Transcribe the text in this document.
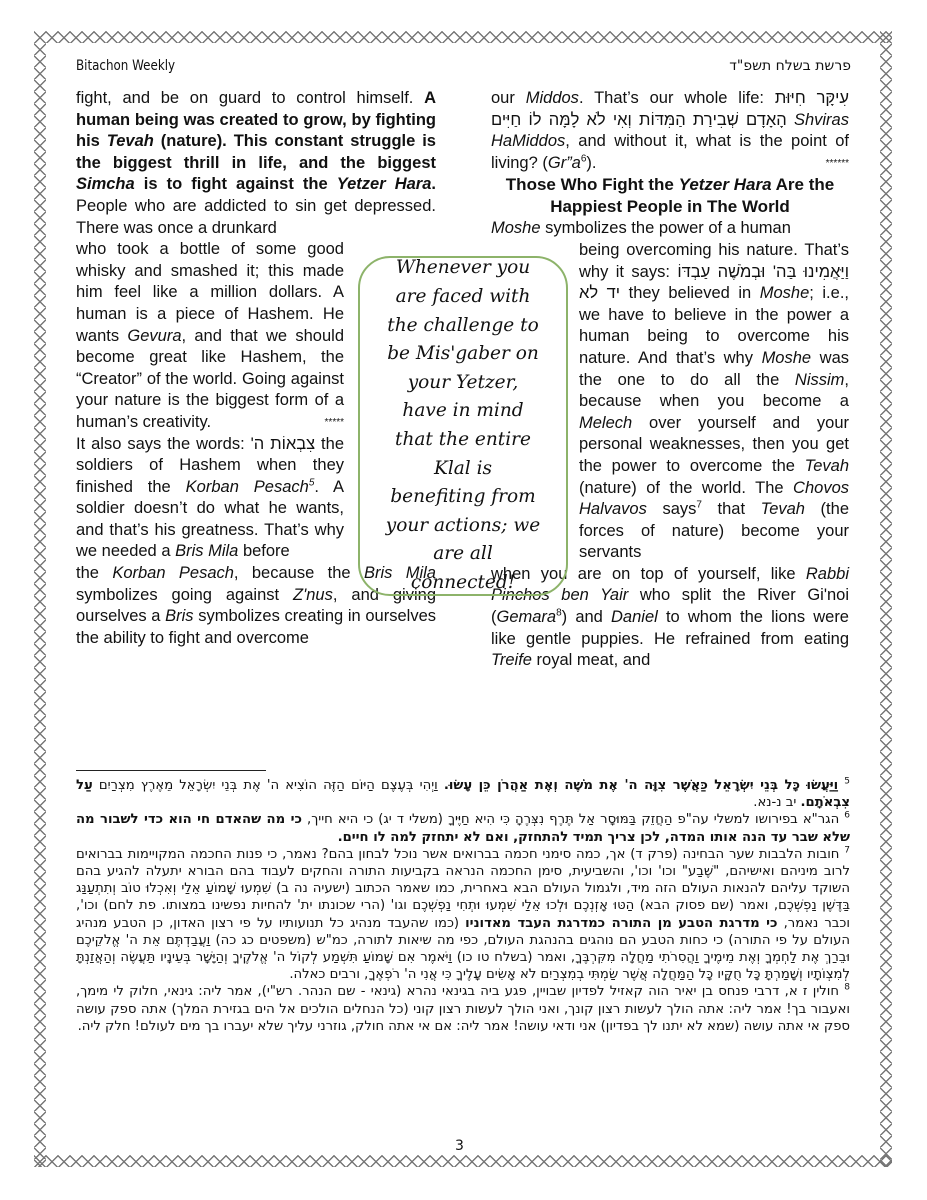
Bitachon Weekly	פרשת בשלח תשפ"ד

fight, and be on guard to control himself. A human being was created to grow, by fighting his Tevah (nature). This constant struggle is the biggest thrill in life, and the biggest Simcha is to fight against the Yetzer Hara. People who are addicted to sin get depressed. There was once a drunkard

who took a bottle of some good whisky and smashed it; this made him feel like a million dollars. A human is a piece of Hashem. He wants Gevura, and that we should become great like Hashem, the “Creator” of the world. Going against your nature is the biggest form of a human’s creativity.	*****

It also says the words: צִבְאוֹת ה' the soldiers of Hashem when they finished the Korban Pesach$^5$. A soldier doesn’t do what he wants, and that’s his greatness. That’s why we needed a Bris Mila before

the Korban Pesach, because the Bris Mila symbolizes going against Z'nus, and giving ourselves a Bris symbolizes creating in ourselves the ability to fight and overcome

our Middos. That’s our whole life: עִיקָּר חִיּוּת הָאָדָם שְׁבִירַת הַמִּדּוֹת וְאִי לֹא לָמָּה לוֹ חַיִּים Shviras HaMiddos, and without it, what is the point of living? $(Gr”a^6)$.	******

Those Who Fight the Yetzer Hara Are the Happiest People in The World

Moshe symbolizes the power of a human

being overcoming his nature. That’s why it says: וַיַּאֲמִינוּ בַּה' וּבְמֹשֶׁה עַבְדּוֹ יד לא they believed in Moshe; i.e., we have to believe in the power a human being to overcome his nature. And that’s why Moshe was the one to do all the Nissim, because when you become a Melech over yourself and your personal weaknesses, then you get the power to overcome the Tevah (nature) of the world. The Chovos Halvavos says$^7$ that Tevah (the forces of nature) become your servants

when you are on top of yourself, like Rabbi Pinchos ben Yair who split the River Gi'noi (Gemara$^8$) and Daniel to whom the lions were like gentle puppies. He refrained from eating Treife royal meat, and

Whenever you
are faced with
the challenge to
be Mis'gaber on
your Yetzer,
have in mind
that the entire
Klal is
benefiting from
your actions; we
are all
connected!

$^5$ וַיַּעֲשׂוּ כָּל בְּנֵי יִשְׂרָאֵל כַּאֲשֶׁר צִוָּה ה' אֶת מֹשֶׁה וְאֶת אַהֲרֹן כֵּן עָשׂוּ. וַיְהִי בְּעֶצֶם הַיּוֹם הַזֶּה הוֹצִיא ה' אֶת בְּנֵי יִשְׂרָאֵל מֵאֶרֶץ מִצְרַיִם עַל צִבְאֹתָם. יב נ-נא.

$^6$ הגר"א בפירושו למשלי עה"פ הַחֲזֵק בַּמּוּסָר אַל תֶּרֶף נִצְּרֶהָ כִּי הִיא חַיֶּיךָ (משלי ד יג) כי היא חייך, כי מה שהאדם חי הוא כדי לשבור מה שלא שבר עד הנה אותו המדה, לכן צריך תמיד להתחזק, ואם לא יתחזק למה לו חיים.

$^7$ חובות הלבבות שער הבחינה (פרק ד) אך, כמה סימני חכמה בברואים אשר נוכל לבחון בהם? נאמר, כי פנות החכמה המקויימות בברואים לרוב מיניהם ואישיהם, "שֶׁבַע" וכו' וכו', והשביעית, סימן החכמה הנראה בקביעות התורה והחקים לעבוד בהם הבורא יתעלה להגיע בהם השוקד עליהם להנאות העולם הזה מיד, ולגמול העולם הבא באחרית, כמו שאמר הכתוב (ישעיה נה ב) שִׁמְעוּ שָׁמוֹעַ אֵלַי וְאִכְלוּ טוֹב וְתִתְעַנַּג בַּדֶּשֶׁן נַפְשְׁכֶם, ואמר (שם פסוק הבא) הַטּוּ אָזְנְכֶם וּלְכוּ אֵלַי שִׁמְעוּ וּתְחִי נַפְשְׁכֶם וגו' (הרי שכונתו ית' להחיות נפשינו במצותו. פת לחם) וכו', וכבר נאמר, כי מדרגת הטבע מן התורה כמדרגת העבד מאדוניו (כמו שהעבד מנהיג כל תנועותיו על פי רצון האדון, כן הטבע מנהיג העולם על פי התורה) כי כחות הטבע הם נוהגים בהנהגת העולם, כפי מה שיאות לתורה, כמ"ש (משפטים כג כה) וַעֲבַדְתֶּם אֵת ה' אֱלֹקֵיכֶם וּבֵרַךְ אֶת לַחְמְךָ וְאֶת מֵימֶיךָ וַהֲסִרֹתִי מַחֲלָה מִקִּרְבֶּךָ, ואמר (בשלח טו כו) וַיֹּאמֶר אִם שָׁמוֹעַ תִּשְׁמַע לְקוֹל ה' אֱלֹקֶיךָ וְהַיָּשָׁר בְּעֵינָיו תַּעֲשֶׂה וְהַאֲזַנְתָּ לְמִצְוֹתָיו וְשָׁמַרְתָּ כָּל חֻקָּיו כָּל הַמַּחֲלָה אֲשֶׁר שַׂמְתִּי בְמִצְרַיִם לֹא אָשִׂים עָלֶיךָ כִּי אֲנִי ה' רֹפְאֶךָ, ורבים כאלה.

$^8$ חולין ז א, דרבי פנחס בן יאיר הוה קאזיל לפדיון שבויין, פגע ביה בגינאי נהרא (גינאי - שם הנהר. רש"י), אמר ליה: גינאי, חלוק לי מימך, ואעבור בך! אמר ליה: אתה הולך לעשות רצון קונך, ואני הולך לעשות רצון קוני (כל הנחלים הולכים אל הים בגזירת המלך) אתה ספק עושה ספק אי אתה עושה (שמא לא יתנו לך בפדיון) אני ודאי עושה! אמר ליה: אם אי אתה חולק, גוזרני עליך שלא יעברו בך מים לעולם! חלק ליה.

3
